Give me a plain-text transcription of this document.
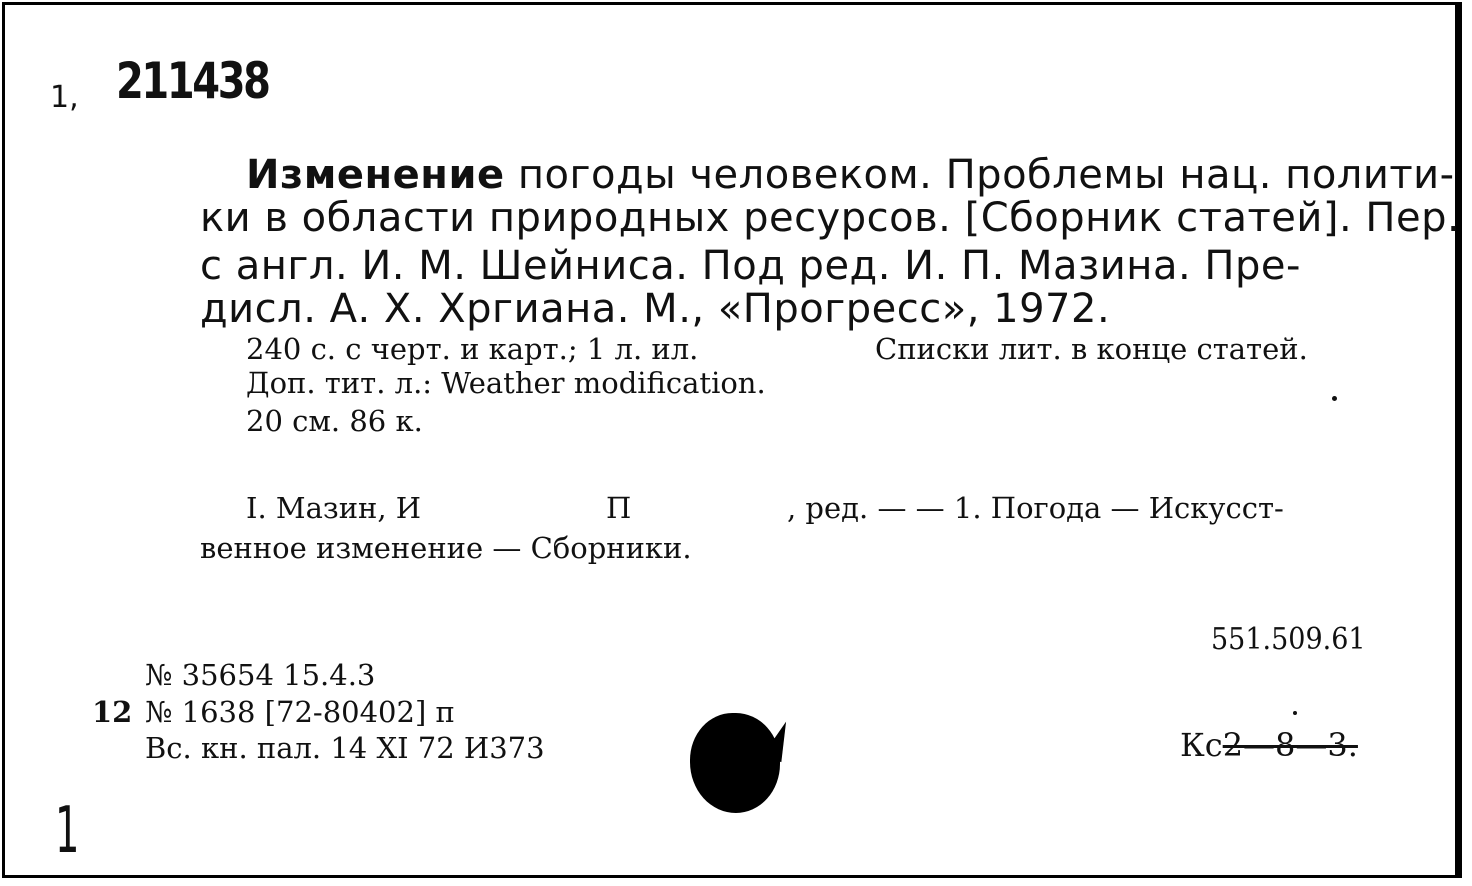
1, 211438

Изменение погоды человеком. Проблемы нац. полити-

ки в области природных ресурсов. [Сборник статей]. Пер.

с англ. И. М. Шейниса. Под ред. И. П. Мазина. Пре-

дисл. А. Х. Хргиана. М., «Прогресс», 1972.

240 с. с черт. и карт.; 1 л. ил.	Списки лит. в конце статей.

Доп. тит. л.: Weather modification.

20 см. 86 к.

I. Мазин, И	П	, ред. — — 1. Погода — Искусст-

венное изменение — Сборники.

551.509.61

№ 35654 15.4.3

12 № 1638 [72-80402] п

Вс. кн. пал. 14 XI 72 И373	Кс2—8—3.

1
